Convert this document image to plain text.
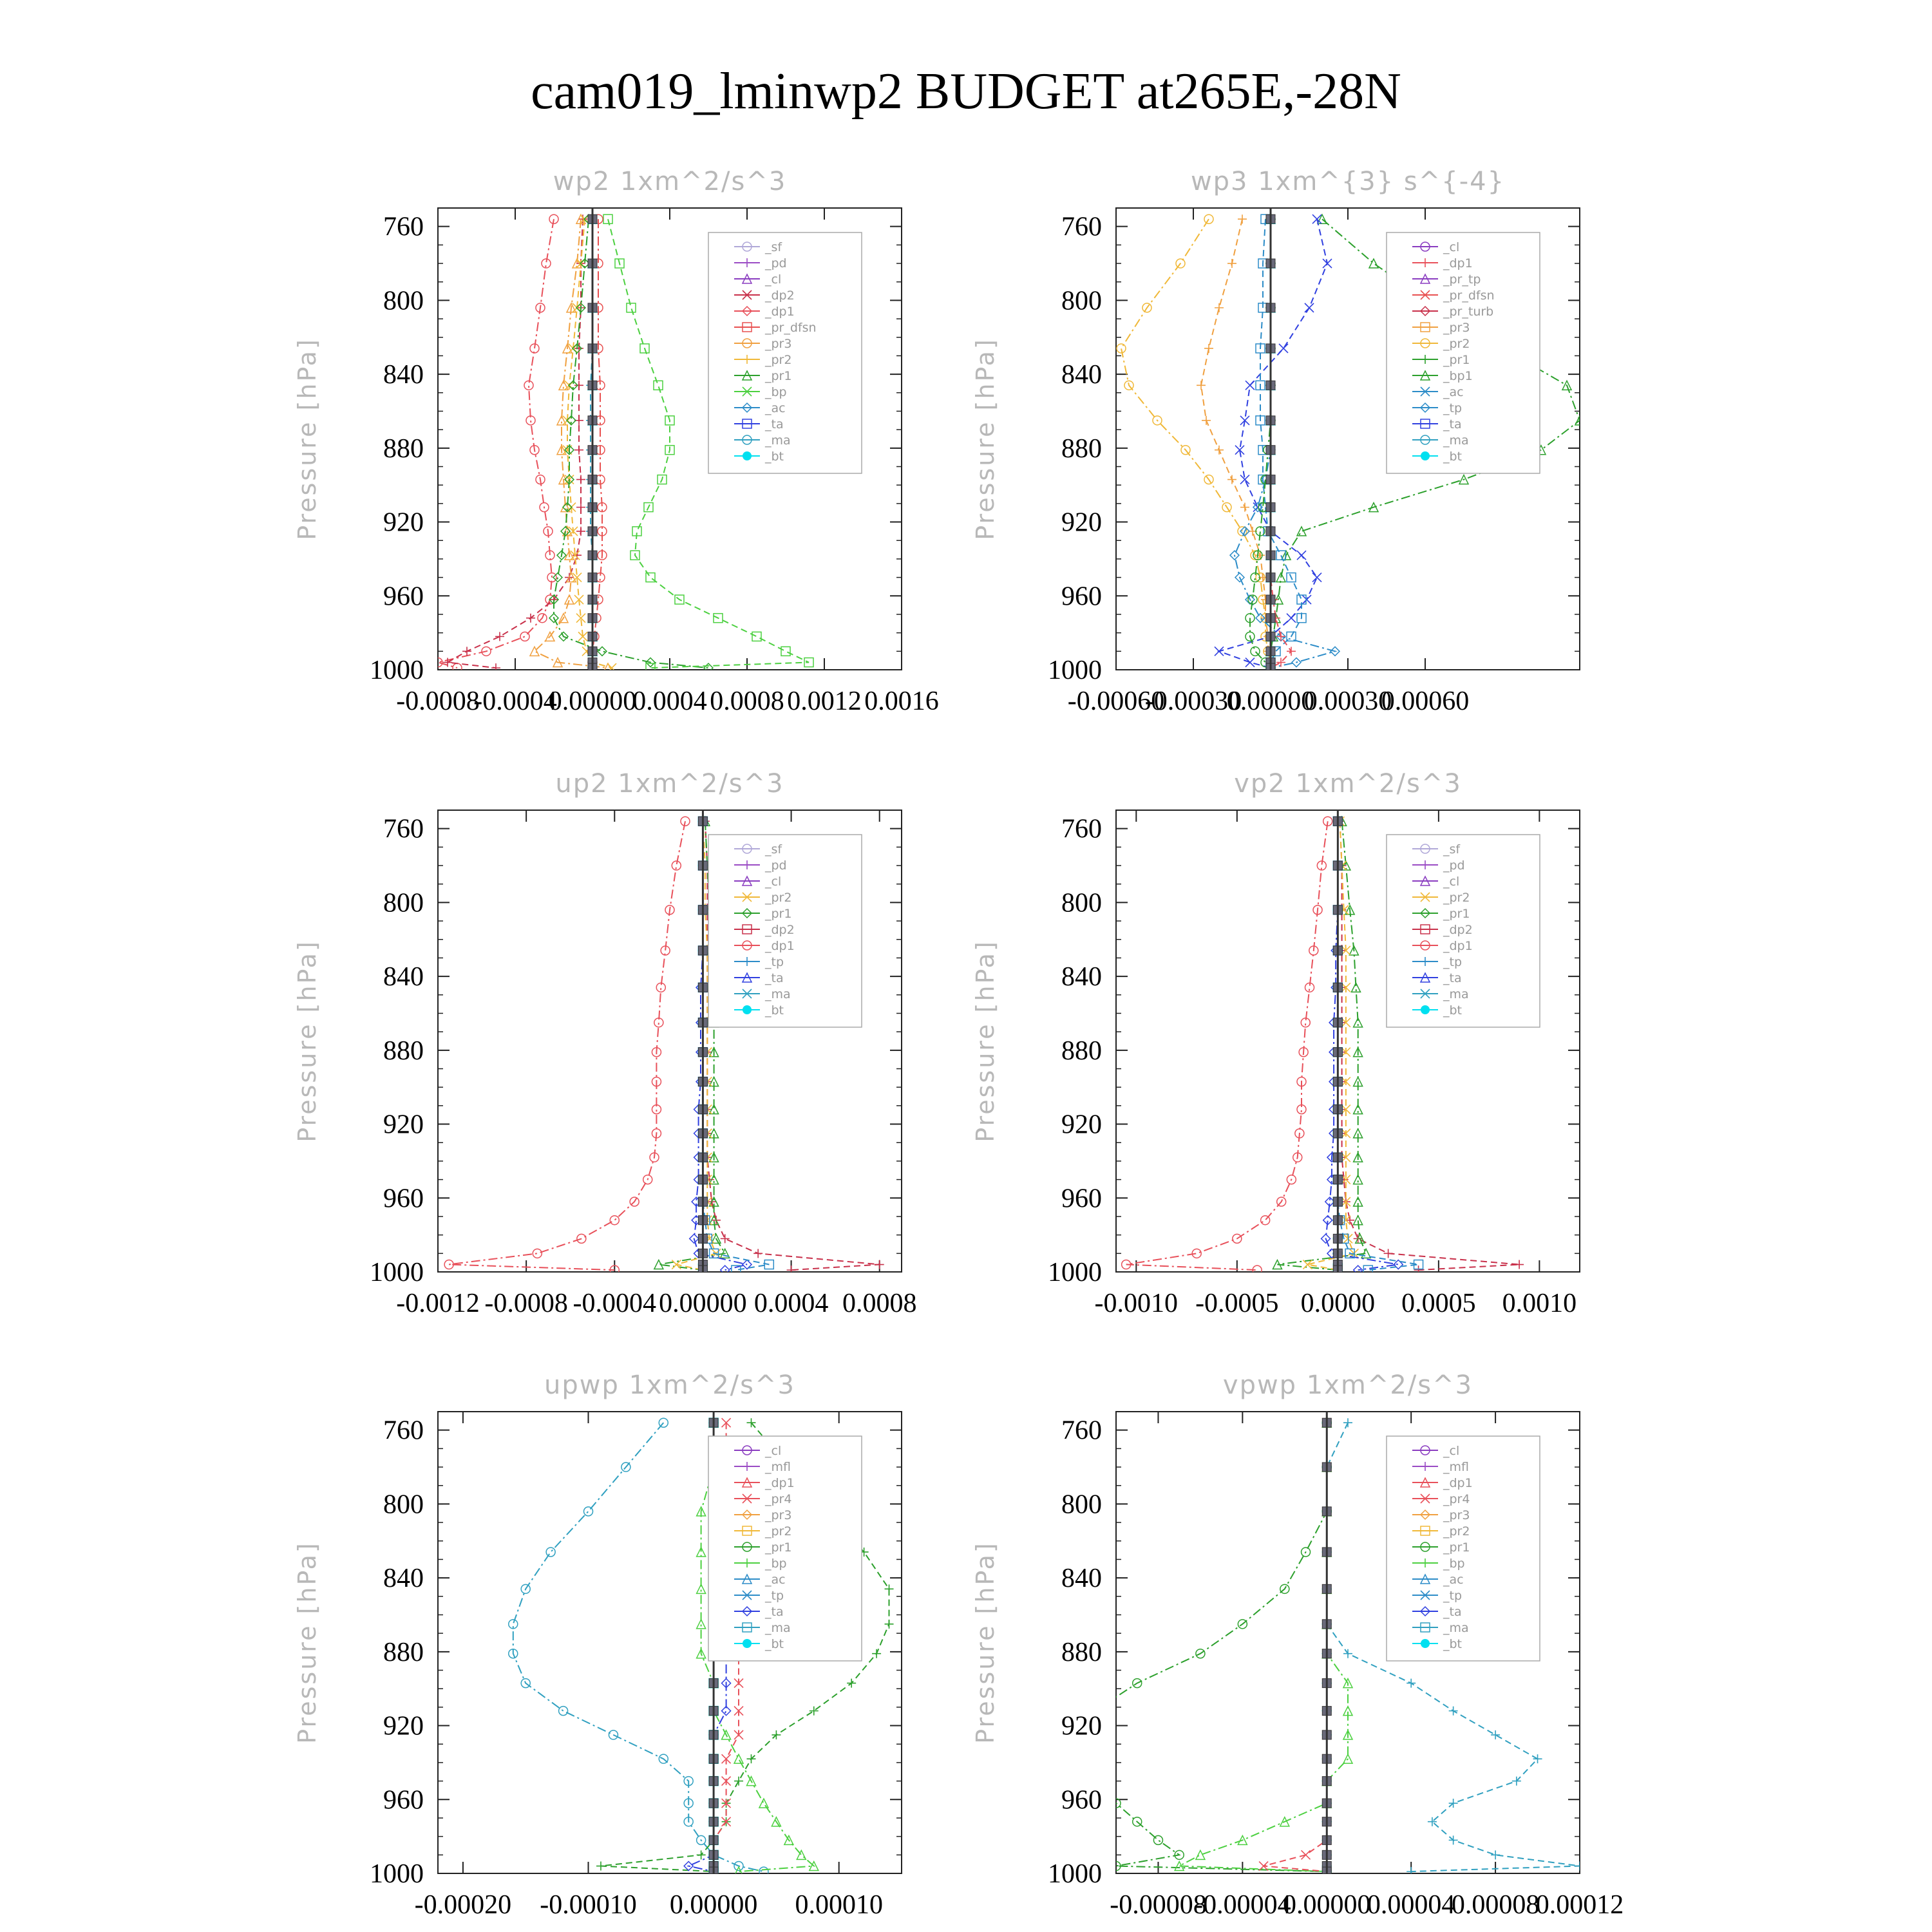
cam019_lminwp2 BUDGET at265E,-28N
wp2 1xm^2/s^3
Pressure [hPa]
760
800
840
880
920
960
1000
-0.0008
-0.0004
0.00000
0.0004 0.0008 0.0012 0.0016
_sf
_pd
_cl
_dp2
_dp1
_pr_dfsn
_pr3
_pr2
_pr1
_bp
_ac
_ta
_ma
_bt
wp3 1xm^{3} s^{-4}
Pressure [hPa]
760
800
840
880
920
960
1000
-0.00060
-0.00030
0.00000
0.00030
0.00060
_cl
_dp1
_pr_tp
_pr_dfsn
_pr_turb
_pr3
_pr2
_pr1
_bp1
_ac
_tp
_ta
_ma
_bt
up2 1xm^2/s^3
Pressure [hPa]
760
800
840
880
920
960
1000
-0.0012 -0.0008 -0.0004 0.00000 0.0004 0.0008
_sf
_pd
_cl
_pr2
_pr1
_dp2
_dp1
_tp
_ta
_ma
_bt
vp2 1xm^2/s^3
Pressure [hPa]
760
800
840
880
920
960
1000
-0.0010 -0.0005 0.0000 0.0005 0.0010
_sf
_pd
_cl
_pr2
_pr1
_dp2
_dp1
_tp
_ta
_ma
_bt
upwp 1xm^2/s^3
Pressure [hPa]
760
800
840
880
920
960
1000
-0.00020 -0.00010 0.00000 0.00010
_cl
_mfl
_dp1
_pr4
_pr3
_pr2
_pr1
_bp
_ac
_tp
_ta
_ma
_bt
vpwp 1xm^2/s^3
Pressure [hPa]
760
800
840
880
920
960
1000
-0.00008
-0.00004
0.00000
0.00004
0.00008
0.00012
_cl
_mfl
_dp1
_pr4
_pr3
_pr2
_pr1
_bp
_ac
_tp
_ta
_ma
_bt
